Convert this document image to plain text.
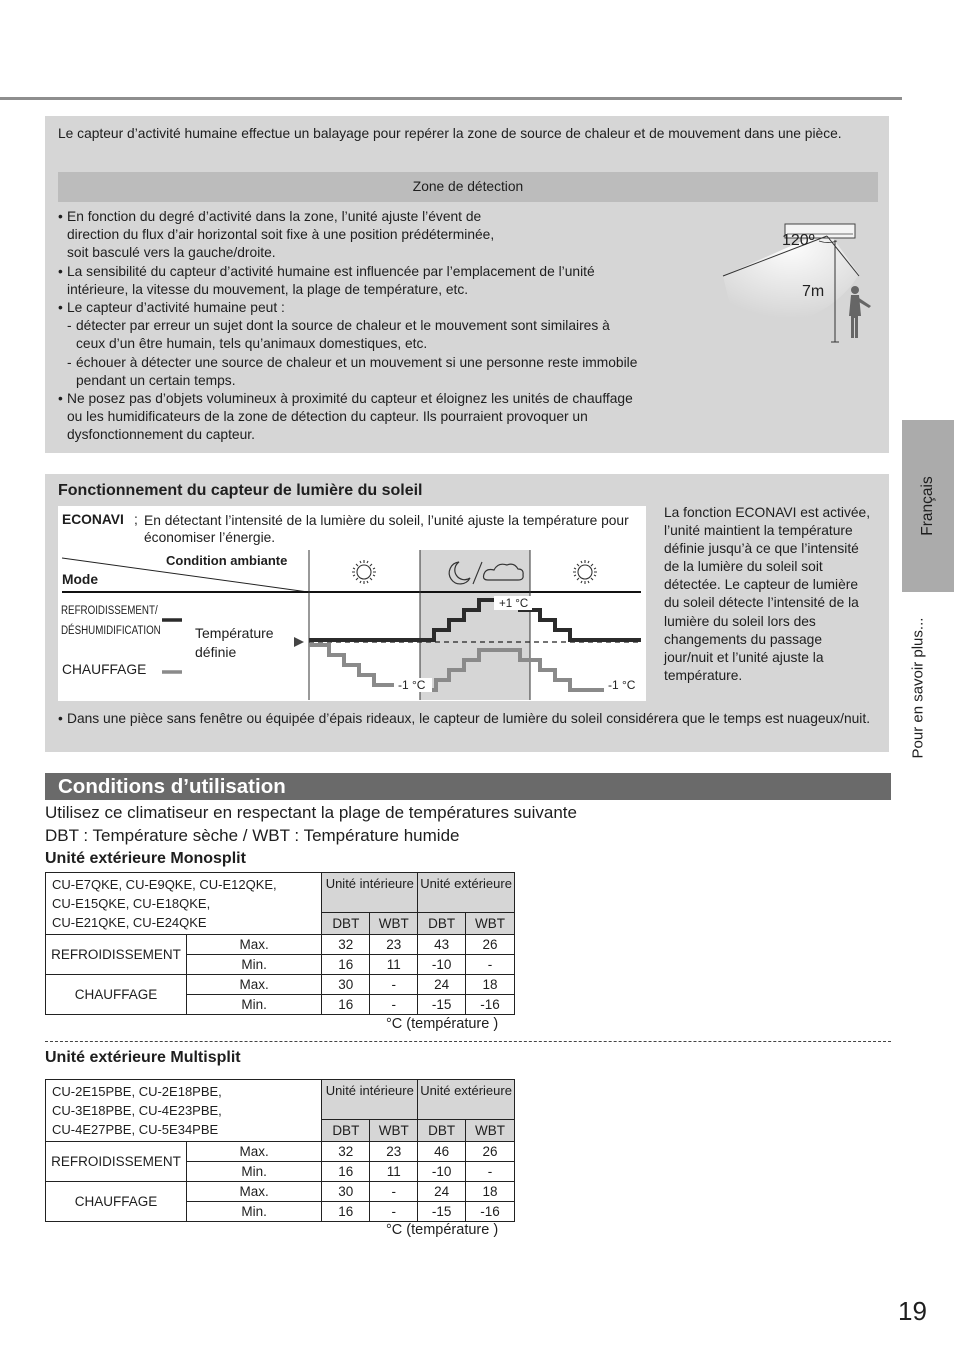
Le capteur d’activité humaine effectue un balayage pour repérer la zone de source de chaleur et de mouvement dans une pièce.
Zone de détection
• En fonction du degré d’activité dans la zone, l’unité ajuste l’évent de
direction du flux d’air horizontal soit fixe à une position prédéterminée,
soit basculé vers la gauche/droite.
• La sensibilité du capteur d’activité humaine est influencée par l’emplacement de l’unité
intérieure, la vitesse du mouvement, la plage de température, etc.
• Le capteur d’activité humaine peut :
- détecter par erreur un sujet dont la source de chaleur et le mouvement sont similaires à
ceux d’un être humain, tels qu’animaux domestiques, etc.
- échouer à détecter une source de chaleur et un mouvement si une personne reste immobile
pendant un certain temps.
• Ne posez pas d’objets volumineux à proximité du capteur et éloignez les unités de chauffage
ou les humidificateurs de la zone de détection du capteur. Ils pourraient provoquer un
dysfonctionnement du capteur.
120º
7m
Fonctionnement du capteur de lumière du soleil
ECONAVI ; En détectant l’intensité de la lumière du soleil, l’unité ajuste la température pour économiser l’énergie.
+1 °C
-1 °C	-1 °C
Condition ambiante
Mode
REFROIDISSEMENT/
DÉSHUMIDIFICATION Température
définie
CHAUFFAGE
La fonction ECONAVI est activée, l’unité maintient la température définie jusqu’à ce que l’intensité de la lumière du soleil soit détectée. Le capteur de lumière du soleil détecte l’intensité de la lumière du soleil lors des changements du passage jour/nuit et l’unité ajuste la température.
• Dans une pièce sans fenêtre ou équipée d’épais rideaux, le capteur de lumière du soleil considérera que le temps est nuageux/nuit.
Conditions d’utilisation
Utilisez ce climatiseur en respectant la plage de températures suivante
DBT : Température sèche / WBT : Température humide
Unité extérieure Monosplit
CU-E7QKE, CU-E9QKE, CU-E12QKE,
CU-E15QKE, CU-E18QKE,
CU-E21QKE, CU-E24QKE		Unité intérieure		Unité extérieure	
		DBT	WBT	DBT	WBT
REFROIDISSEMENT	Max.	32	23	43	26
	Min.	16	11	-10	-
CHAUFFAGE	Max.	30	-	24	18
	Min.	16	-	-15	-16
°C (température )
Unité extérieure Multisplit
CU-2E15PBE, CU-2E18PBE,
CU-3E18PBE, CU-4E23PBE,
CU-4E27PBE, CU-5E34PBE		Unité intérieure		Unité extérieure	
		DBT	WBT	DBT	WBT
REFROIDISSEMENT	Max.	32	23	46	26
	Min.	16	11	-10	-
CHAUFFAGE	Max.	30	-	24	18
	Min.	16	-	-15	-16
°C (température )
Français
Pour en savoir plus...
19
